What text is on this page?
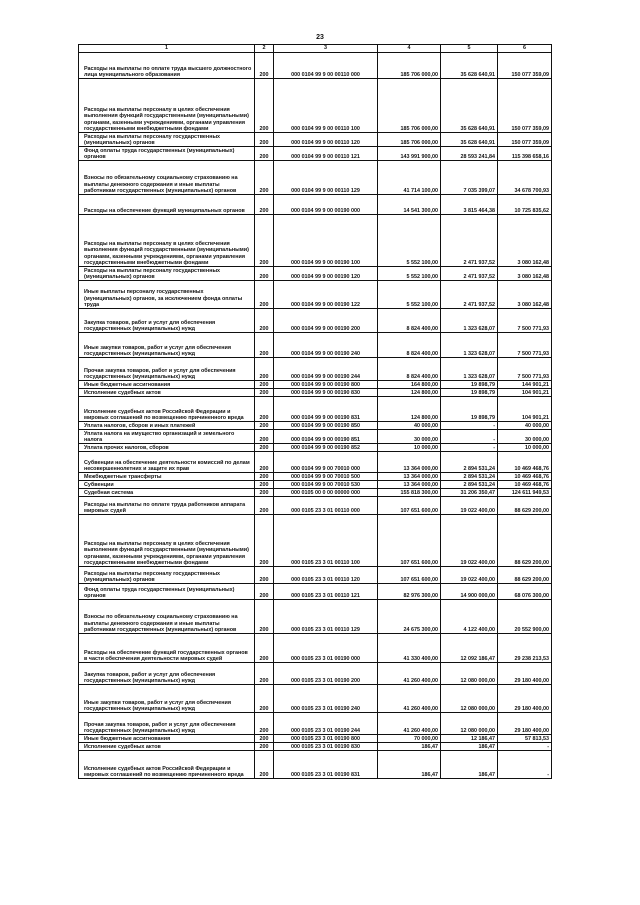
23
1	2	3	4	5	6
Расходы на выплаты по оплате труда высшего должностного лица муниципального образования	200	000 0104 99 9 00 00110 000	185 706 000,00	35 628 640,91	150 077 359,09
Расходы на выплаты персоналу в целях обеспечения выполнения функций государственными (муниципальными) органами, казенными учреждениями, органами управления государственными внебюджетными фондами	200	000 0104 99 9 00 00110 100	185 706 000,00	35 628 640,91	150 077 359,09
Расходы на выплаты персоналу государственных (муниципальных) органов	200	000 0104 99 9 00 00110 120	185 706 000,00	35 628 640,91	150 077 359,09
Фонд оплаты труда государственных (муниципальных) органов	200	000 0104 99 9 00 00110 121	143 991 900,00	28 593 241,84	115 398 658,16
Взносы по обязательному социальному страхованию на выплаты денежного содержания и иные выплаты работникам государственных (муниципальных) органов	200	000 0104 99 9 00 00110 129	41 714 100,00	7 035 399,07	34 678 700,93
Расходы на обеспечение функций муниципальных органов	200	000 0104 99 9 00 00190 000	14 541 300,00	3 815 464,38	10 725 835,62
Расходы на выплаты персоналу в целях обеспечения выполнения функций государственными (муниципальными) органами, казенными учреждениями, органами управления государственными внебюджетными фондами	200	000 0104 99 9 00 00190 100	5 552 100,00	2 471 937,52	3 080 162,48
Расходы на выплаты персоналу государственных (муниципальных) органов	200	000 0104 99 9 00 00190 120	5 552 100,00	2 471 937,52	3 080 162,48
Иные выплаты персоналу государственных (муниципальных) органов, за исключением фонда оплаты труда	200	000 0104 99 9 00 00190 122	5 552 100,00	2 471 937,52	3 080 162,48
Закупка товаров, работ и услуг для обеспечения государственных (муниципальных) нужд	200	000 0104 99 9 00 00190 200	8 824 400,00	1 323 628,07	7 500 771,93
Иные закупки товаров, работ и услуг для обеспечения государственных (муниципальных) нужд	200	000 0104 99 9 00 00190 240	8 824 400,00	1 323 628,07	7 500 771,93
Прочая закупка товаров, работ и услуг для обеспечения государственных (муниципальных) нужд	200	000 0104 99 9 00 00190 244	8 824 400,00	1 323 628,07	7 500 771,93
Иные бюджетные ассигнования	200	000 0104 99 9 00 00190 800	164 800,00	19 898,79	144 901,21
Исполнение судебных актов	200	000 0104 99 9 00 00190 830	124 800,00	19 898,79	104 901,21
Исполнение судебных актов Российской Федерации и мировых соглашений по возмещению причиненного вреда	200	000 0104 99 9 00 00190 831	124 800,00	19 898,79	104 901,21
Уплата налогов, сборов и иных платежей	200	000 0104 99 9 00 00190 850	40 000,00	-	40 000,00
Уплата налога на имущество организаций и земельного налога	200	000 0104 99 9 00 00190 851	30 000,00	-	30 000,00
Уплата прочих налогов, сборов	200	000 0104 99 9 00 00190 852	10 000,00	-	10 000,00
Субвенции на обеспечение деятельности комиссий по делам несовершеннолетних и защите их прав	200	000 0104 99 9 00 70010 000	13 364 000,00	2 894 531,24	10 469 468,76
Межбюджетные трансферты	200	000 0104 99 9 00 70010 500	13 364 000,00	2 894 531,24	10 469 468,76
Субвенции	200	000 0104 99 9 00 70010 530	13 364 000,00	2 894 531,24	10 469 468,76
Судебная система	200	000 0105 00 0 00 00000 000	155 818 300,00	31 206 350,47	124 611 949,53
Расходы на выплаты по оплате труда работников аппарата мировых судей	200	000 0105 23 3 01 00110 000	107 651 600,00	19 022 400,00	88 629 200,00
Расходы на выплаты персоналу в целях обеспечения выполнения функций государственными (муниципальными) органами, казенными учреждениями, органами управления государственными внебюджетными фондами	200	000 0105 23 3 01 00110 100	107 651 600,00	19 022 400,00	88 629 200,00
Расходы на выплаты персоналу государственных (муниципальных) органов	200	000 0105 23 3 01 00110 120	107 651 600,00	19 022 400,00	88 629 200,00
Фонд оплаты труда государственных (муниципальных) органов	200	000 0105 23 3 01 00110 121	82 976 300,00	14 900 000,00	68 076 300,00
Взносы по обязательному социальному страхованию на выплаты денежного содержания и иные выплаты работникам государственных (муниципальных) органов	200	000 0105 23 3 01 00110 129	24 675 300,00	4 122 400,00	20 552 900,00
Расходы на обеспечение функций государственных органов в части обеспечения деятельности мировых судей	200	000 0105 23 3 01 00190 000	41 330 400,00	12 092 186,47	29 238 213,53
Закупка товаров, работ и услуг для обеспечения государственных (муниципальных) нужд	200	000 0105 23 3 01 00190 200	41 260 400,00	12 080 000,00	29 180 400,00
Иные закупки товаров, работ и услуг для обеспечения государственных (муниципальных) нужд	200	000 0105 23 3 01 00190 240	41 260 400,00	12 080 000,00	29 180 400,00
Прочая закупка товаров, работ и услуг для обеспечения государственных (муниципальных) нужд	200	000 0105 23 3 01 00190 244	41 260 400,00	12 080 000,00	29 180 400,00
Иные бюджетные ассигнования	200	000 0105 23 3 01 00190 800	70 000,00	12 186,47	57 813,53
Исполнение судебных актов	200	000 0105 23 3 01 00190 830	186,47	186,47	-
Исполнение судебных актов Российской Федерации и мировых соглашений по возмещению причиненного вреда	200	000 0105 23 3 01 00190 831	186,47	186,47	-
